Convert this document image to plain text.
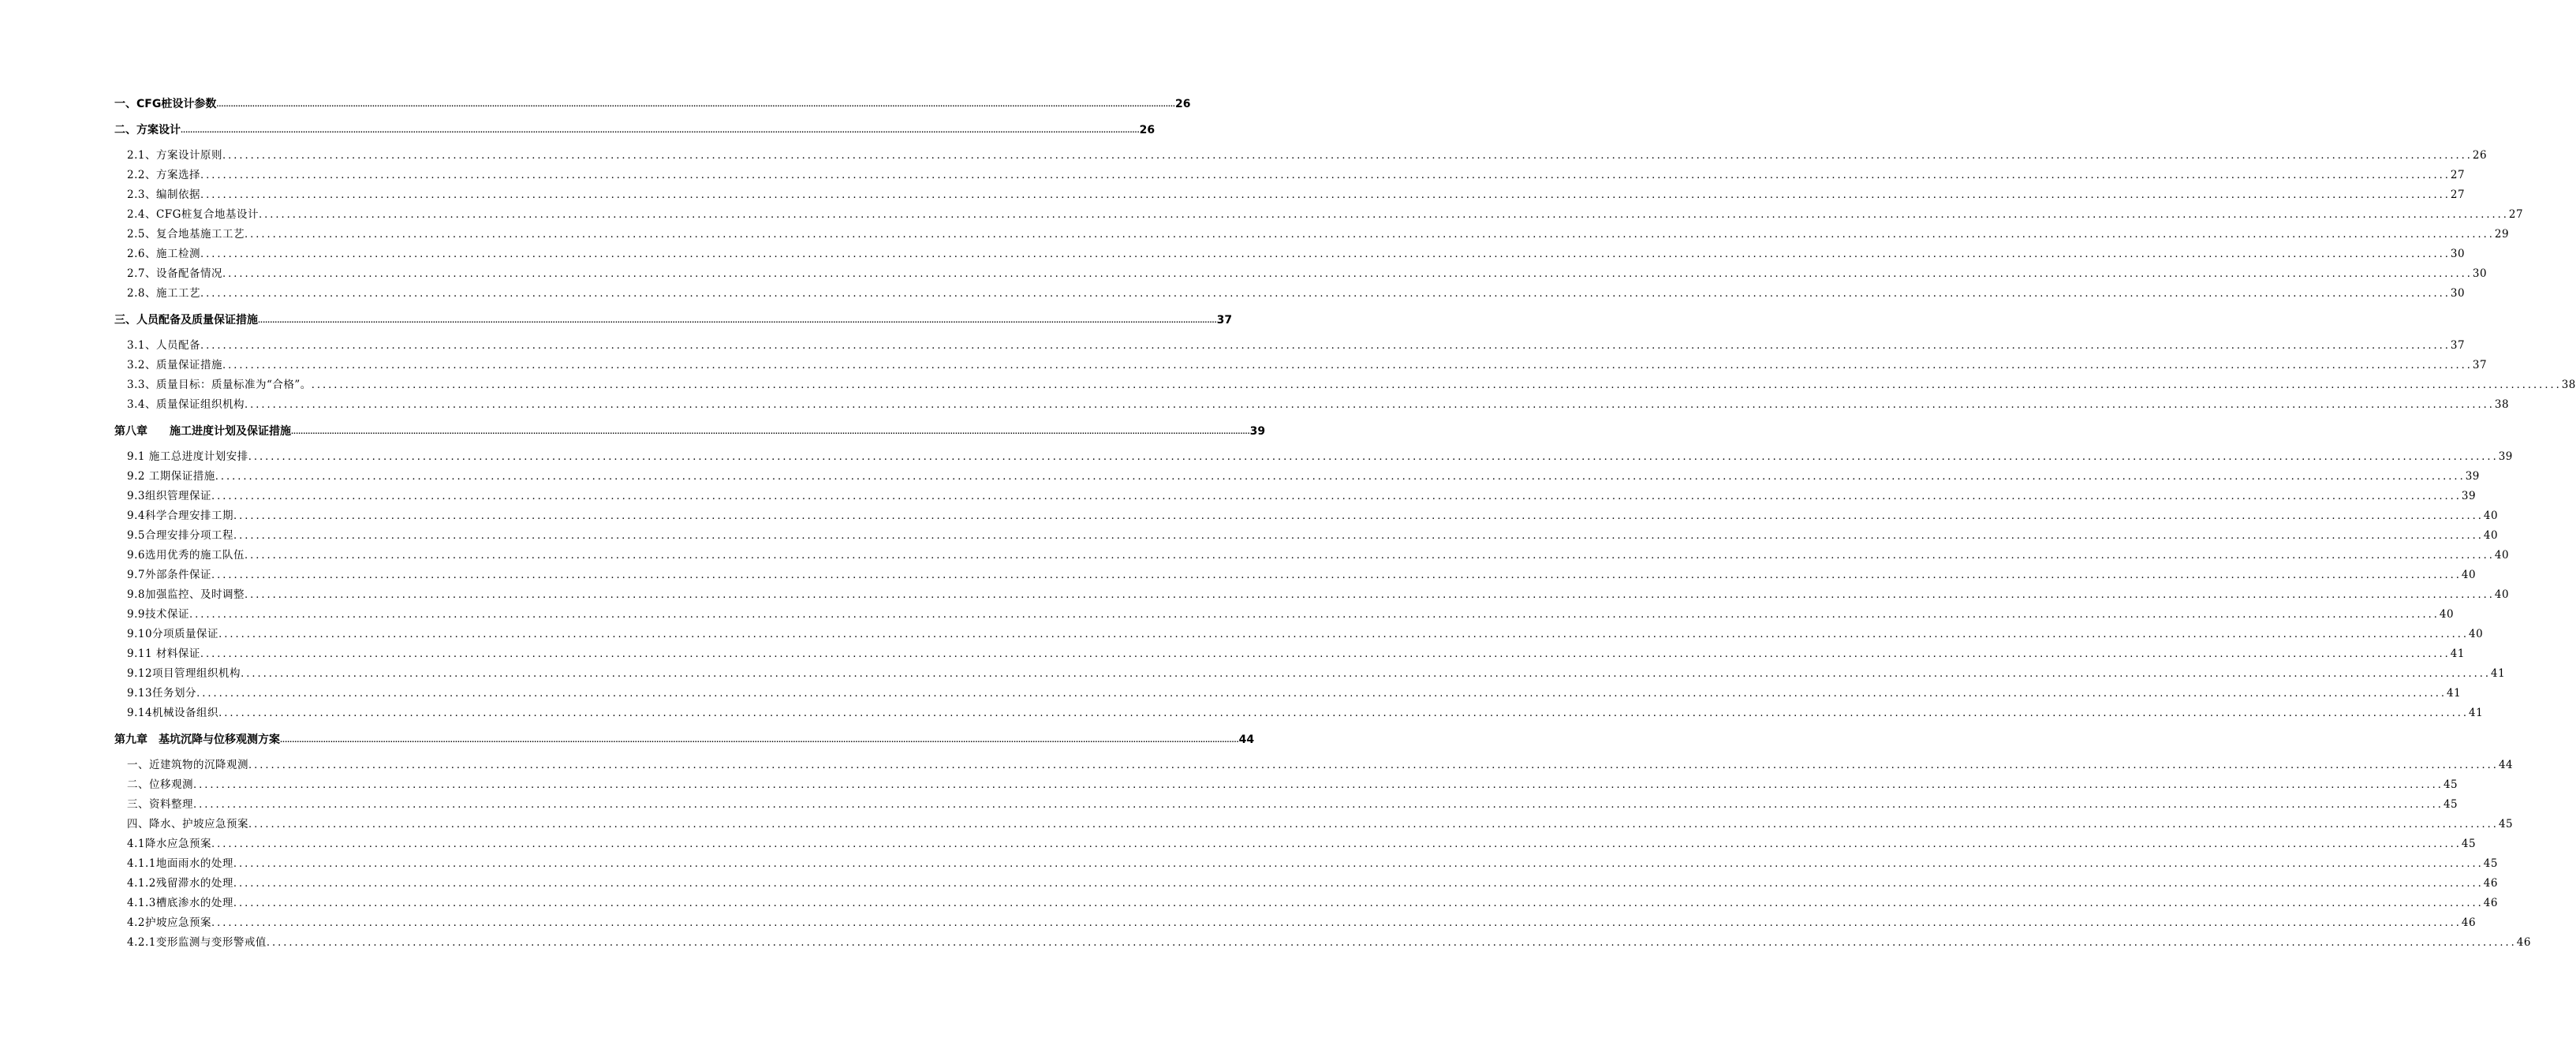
一、CFG桩设计参数 ................................................................................................................................................................................................................................................................................................................................................................................................................ 26
二、方案设计 ................................................................................................................................................................................................................................................................................................................................................................................................................ 26
2.1、方案设计原则 ................................................................................................................................................................................................................................................................................................................................................................................................................ 26
2.2、方案选择 ................................................................................................................................................................................................................................................................................................................................................................................................................ 27
2.3、编制依据 ................................................................................................................................................................................................................................................................................................................................................................................................................ 27
2.4、CFG桩复合地基设计 ................................................................................................................................................................................................................................................................................................................................................................................................................ 27
2.5、复合地基施工工艺 ................................................................................................................................................................................................................................................................................................................................................................................................................ 29
2.6、施工检测 ................................................................................................................................................................................................................................................................................................................................................................................................................ 30
2.7、设备配备情况 ................................................................................................................................................................................................................................................................................................................................................................................................................ 30
2.8、施工工艺 ................................................................................................................................................................................................................................................................................................................................................................................................................ 30
三、人员配备及质量保证措施 ................................................................................................................................................................................................................................................................................................................................................................................................................ 37
3.1、人员配备 ................................................................................................................................................................................................................................................................................................................................................................................................................ 37
3.2、质量保证措施 ................................................................................................................................................................................................................................................................................................................................................................................................................ 37
3.3、质量目标：质量标准为“合格”。 ................................................................................................................................................................................................................................................................................................................................................................................................................ 38
3.4、质量保证组织机构 ................................................................................................................................................................................................................................................................................................................................................................................................................ 38
第八章　　施工进度计划及保证措施 ................................................................................................................................................................................................................................................................................................................................................................................................................ 39
9.1 施工总进度计划安排 ................................................................................................................................................................................................................................................................................................................................................................................................................ 39
9.2 工期保证措施 ................................................................................................................................................................................................................................................................................................................................................................................................................ 39
9.3组织管理保证 ................................................................................................................................................................................................................................................................................................................................................................................................................ 39
9.4科学合理安排工期 ................................................................................................................................................................................................................................................................................................................................................................................................................ 40
9.5合理安排分项工程 ................................................................................................................................................................................................................................................................................................................................................................................................................ 40
9.6选用优秀的施工队伍 ................................................................................................................................................................................................................................................................................................................................................................................................................ 40
9.7外部条件保证 ................................................................................................................................................................................................................................................................................................................................................................................................................ 40
9.8加强监控、及时调整 ................................................................................................................................................................................................................................................................................................................................................................................................................ 40
9.9技术保证 ................................................................................................................................................................................................................................................................................................................................................................................................................ 40
9.10分项质量保证 ................................................................................................................................................................................................................................................................................................................................................................................................................ 40
9.11 材料保证 ................................................................................................................................................................................................................................................................................................................................................................................................................ 41
9.12项目管理组织机构 ................................................................................................................................................................................................................................................................................................................................................................................................................ 41
9.13任务划分 ................................................................................................................................................................................................................................................................................................................................................................................................................ 41
9.14机械设备组织 ................................................................................................................................................................................................................................................................................................................................................................................................................ 41
第九章　基坑沉降与位移观测方案 ................................................................................................................................................................................................................................................................................................................................................................................................................ 44
一、近建筑物的沉降观测 ................................................................................................................................................................................................................................................................................................................................................................................................................ 44
二、位移观测 ................................................................................................................................................................................................................................................................................................................................................................................................................ 45
三、资料整理 ................................................................................................................................................................................................................................................................................................................................................................................................................ 45
四、降水、护坡应急预案 ................................................................................................................................................................................................................................................................................................................................................................................................................ 45
4.1降水应急预案 ................................................................................................................................................................................................................................................................................................................................................................................................................ 45
4.1.1地面雨水的处理 ................................................................................................................................................................................................................................................................................................................................................................................................................ 45
4.1.2残留滞水的处理 ................................................................................................................................................................................................................................................................................................................................................................................................................ 46
4.1.3槽底渗水的处理 ................................................................................................................................................................................................................................................................................................................................................................................................................ 46
4.2护坡应急预案 ................................................................................................................................................................................................................................................................................................................................................................................................................ 46
4.2.1变形监测与变形警戒值 ................................................................................................................................................................................................................................................................................................................................................................................................................ 46
